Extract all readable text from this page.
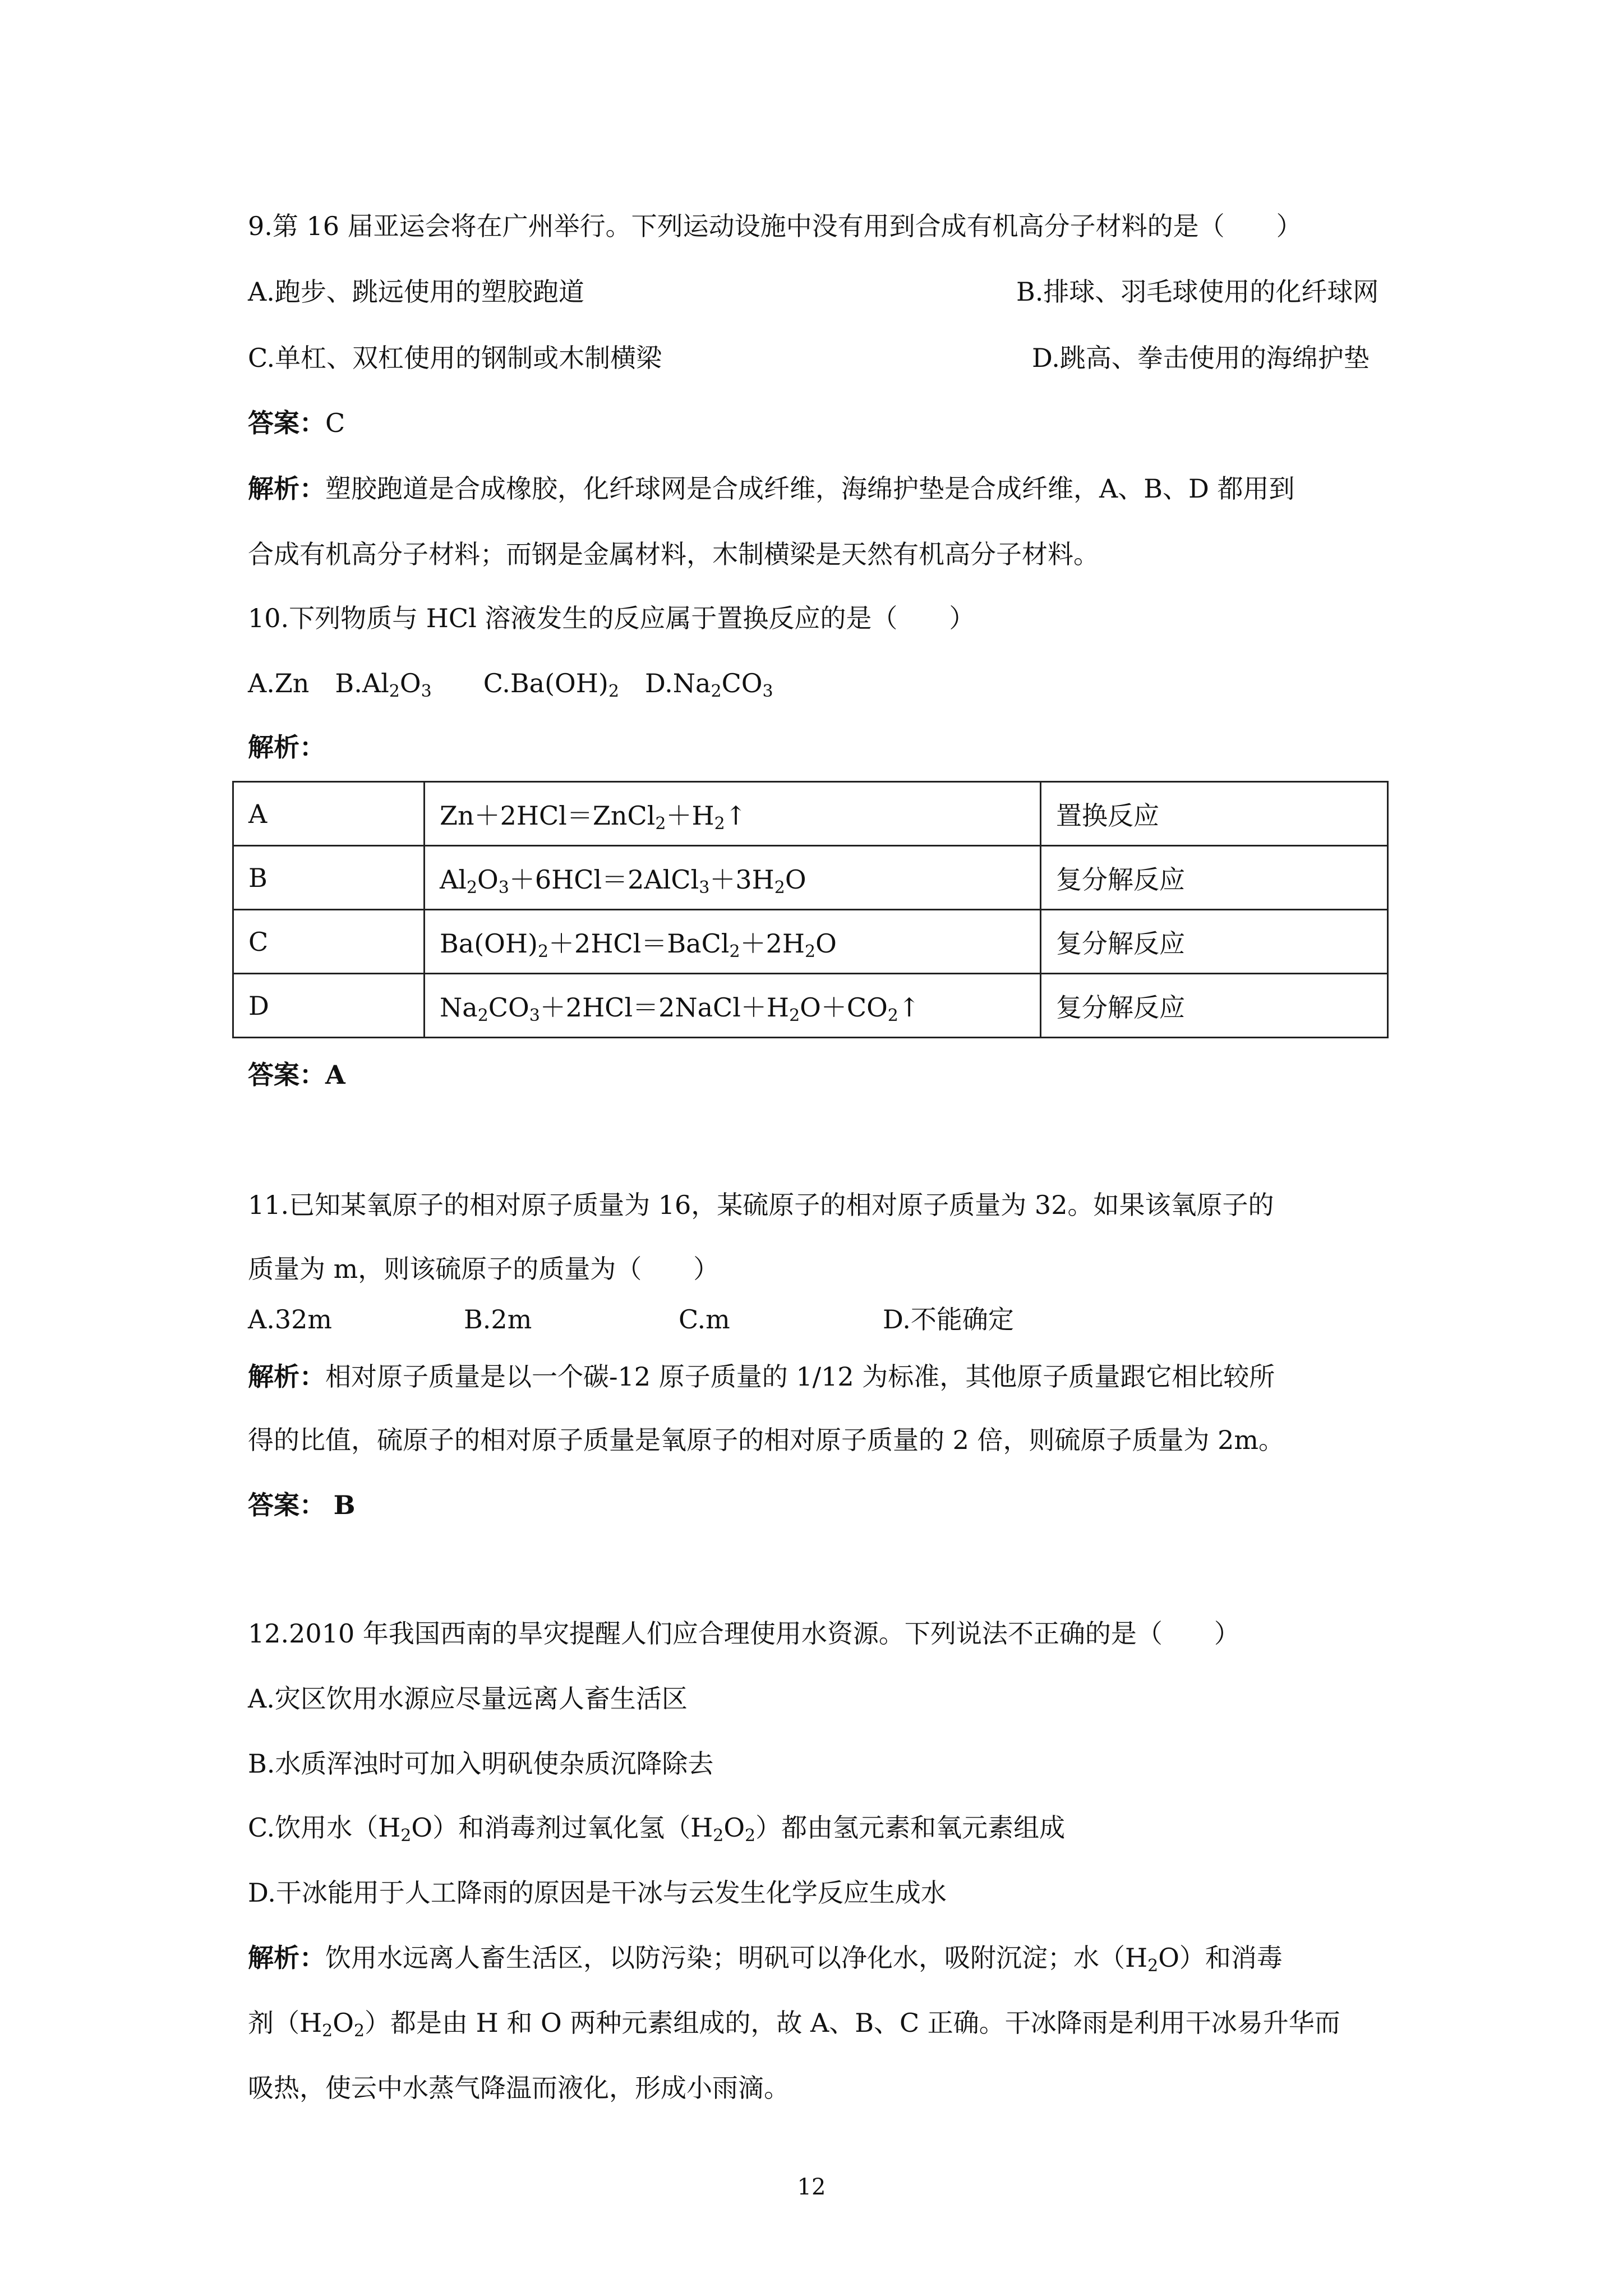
9.第 16 届亚运会将在广州举行。下列运动设施中没有用到合成有机高分子材料的是（　　）
A.跑步、跳远使用的塑胶跑道	B.排球、羽毛球使用的化纤球网
C.单杠、双杠使用的钢制或木制横梁	D.跳高、拳击使用的海绵护垫
答案：C
解析：塑胶跑道是合成橡胶，化纤球网是合成纤维，海绵护垫是合成纤维，A、B、D 都用到
合成有机高分子材料；而钢是金属材料，木制横梁是天然有机高分子材料。
10.下列物质与 HCl 溶液发生的反应属于置换反应的是（　　）
A.Zn　$B.Al_2O_3$　　$C.Ba(OH)_2$　$D.Na_2CO_3$
解析：
A	$Zn+2HCl=ZnCl_2+H_2↑$	置换反应
B	$Al_2O_3+6HCl=2AlCl_3+3H_2O$	复分解反应
C	$Ba(OH)_2+2HCl=BaCl_2+2H_2O$	复分解反应
D	$Na_2CO_3+2HCl=2NaCl+H_2O+CO_2↑$	复分解反应
答案：A
11.已知某氧原子的相对原子质量为 16，某硫原子的相对原子质量为 32。如果该氧原子的
质量为 m，则该硫原子的质量为（　　）
A.32m	B.2m	C.m	D.不能确定
解析：相对原子质量是以一个碳-12 原子质量的 1/12 为标准，其他原子质量跟它相比较所
得的比值，硫原子的相对原子质量是氧原子的相对原子质量的 2 倍，则硫原子质量为 2m。
答案： B
12.2010 年我国西南的旱灾提醒人们应合理使用水资源。下列说法不正确的是（　　）
A.灾区饮用水源应尽量远离人畜生活区
B.水质浑浊时可加入明矾使杂质沉降除去
C.饮用水$(H_2O)$和消毒剂过氧化氢$(H_2O_2)$都由氢元素和氧元素组成
D.干冰能用于人工降雨的原因是干冰与云发生化学反应生成水
解析：饮用水远离人畜生活区，以防污染；明矾可以净化水，吸附沉淀；水$(H_2O)$和消毒
剂$(H_2O_2)$都是由 H 和 O 两种元素组成的，故 A、B、C 正确。干冰降雨是利用干冰易升华而
吸热，使云中水蒸气降温而液化，形成小雨滴。
12
